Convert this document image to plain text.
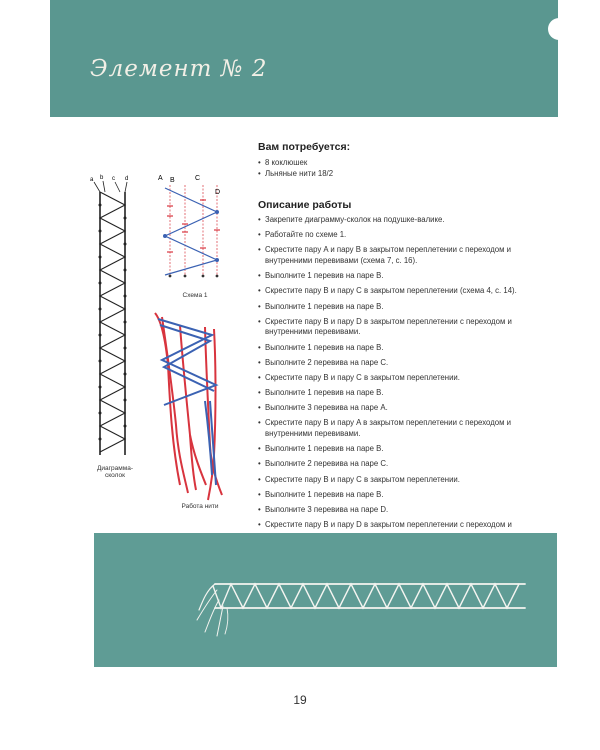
Элемент № 2
a b c d
Диаграмма-
сколок
A B	C
D
Схема 1
Работа нити
Вам потребуется:
• 8 коклюшек
• Льняные нити 18/2
Описание работы
• Закрепите диаграмму-сколок на подушке-валике.
• Работайте по схеме 1.
• Скрестите пару A и пару B в закрытом переплетении с переходом и внутренними перевивами (схема 7, с. 16).
• Выполните 1 перевив на паре B.
• Скрестите пару B и пару C в закрытом переплетении (схема 4, с. 14).
• Выполните 1 перевив на паре B.
• Скрестите пару B и пару D в закрытом переплетении с переходом и внутренними перевивами.
• Выполните 1 перевив на паре B.
• Выполните 2 перевива на паре C.
• Скрестите пару B и пару C в закрытом переплетении.
• Выполните 1 перевив на паре B.
• Выполните 3 перевива на паре A.
• Скрестите пару B и пару A в закрытом переплетении с переходом и внутренними перевивами.
• Выполните 1 перевив на паре B.
• Выполните 2 перевива на паре C.
• Скрестите пару B и пару C в закрытом переплетении.
• Выполните 1 перевив на паре B.
• Выполните 3 перевива на паре D.
• Скрестите пару B и пару D в закрытом переплетении с переходом и
19
